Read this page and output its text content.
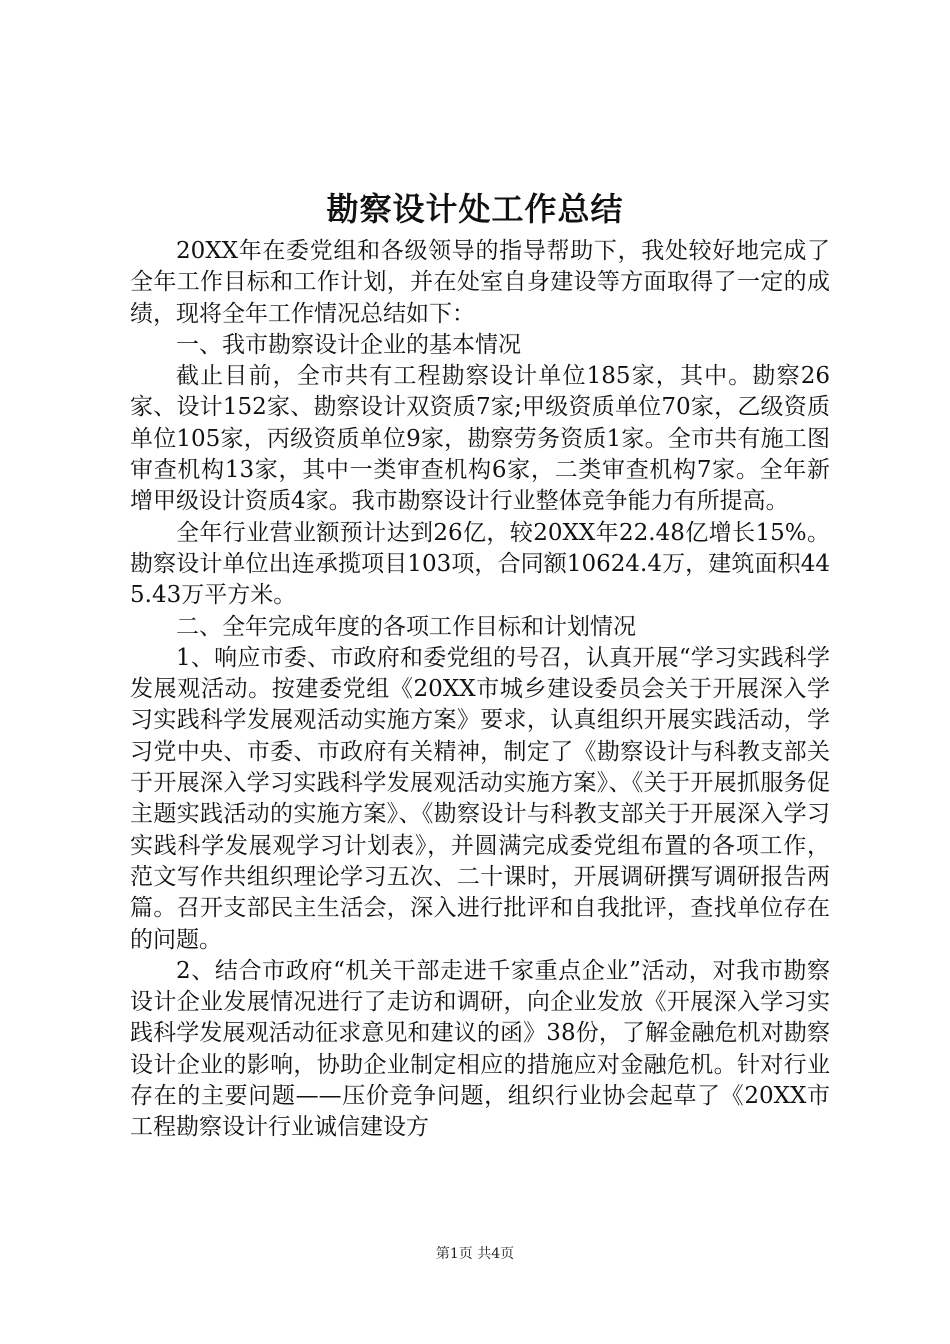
勘察设计处工作总结

20XX年在委党组和各级领导的指导帮助下，我处较好地完成了全年工作目标和工作计划，并在处室自身建设等方面取得了一定的成绩，现将全年工作情况总结如下：

一、我市勘察设计企业的基本情况

截止目前，全市共有工程勘察设计单位185家，其中。勘察26家、设计152家、勘察设计双资质7家;甲级资质单位70家，乙级资质单位105家，丙级资质单位9家，勘察劳务资质1家。全市共有施工图审查机构13家，其中一类审查机构6家，二类审查机构7家。全年新增甲级设计资质4家。我市勘察设计行业整体竞争能力有所提高。

全年行业营业额预计达到26亿，较20XX年22.48亿增长15%。勘察设计单位出连承揽项目103项，合同额10624.4万，建筑面积445.43万平方米。

二、全年完成年度的各项工作目标和计划情况

1、响应市委、市政府和委党组的号召，认真开展“学习实践科学发展观活动。按建委党组《20XX市城乡建设委员会关于开展深入学习实践科学发展观活动实施方案》要求，认真组织开展实践活动，学习党中央、市委、市政府有关精神，制定了《勘察设计与科教支部关于开展深入学习实践科学发展观活动实施方案》、《关于开展抓服务促主题实践活动的实施方案》、《勘察设计与科教支部关于开展深入学习实践科学发展观学习计划表》，并圆满完成委党组布置的各项工作，范文写作共组织理论学习五次、二十课时，开展调研撰写调研报告两篇。召开支部民主生活会，深入进行批评和自我批评，查找单位存在的问题。

2、结合市政府“机关干部走进千家重点企业”活动，对我市勘察设计企业发展情况进行了走访和调研，向企业发放《开展深入学习实践科学发展观活动征求意见和建议的函》38份，了解金融危机对勘察设计企业的影响，协助企业制定相应的措施应对金融危机。针对行业存在的主要问题——压价竞争问题，组织行业协会起草了《20XX市工程勘察设计行业诚信建设方

第1页 共4页
